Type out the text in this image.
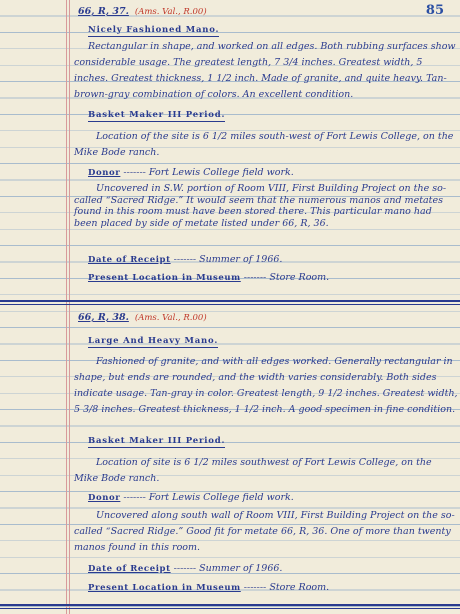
85
66, R, 37. (Ams. Val., R.00)
Nicely Fashioned Mano.
Rectangular in shape, and worked on all edges. Both rubbing surfaces show considerable usage. The greatest length, 7 3/4 inches. Greatest width, 5 inches. Greatest thickness, 1 1/2 inch. Made of granite, and quite heavy. Tan-brown-gray combination of colors. An excellent condition.
Basket Maker III Period.
Location of the site is 6 1/2 miles south-west of Fort Lewis College, on the Mike Bode ranch.
Donor ------- Fort Lewis College field work.
Uncovered in S.W. portion of Room VIII, First Building Project on the so-called “Sacred Ridge.” It would seem that the numerous manos and metates found in this room must have been stored there. This particular mano had been placed by side of metate listed under 66, R, 36.
Date of Receipt ------- Summer of 1966.
Present Location in Museum ------- Store Room.
66, R, 38. (Ams. Val., R.00)
Large And Heavy Mano.
Fashioned of granite, and with all edges worked. Generally rectangular in shape, but ends are rounded, and the width varies considerably. Both sides indicate usage. Tan-gray in color. Greatest length, 9 1/2 inches. Greatest width, 5 3/8 inches. Greatest thickness, 1 1/2 inch. A good specimen in fine condition.
Basket Maker III Period.
Location of site is 6 1/2 miles southwest of Fort Lewis College, on the Mike Bode ranch.
Donor ------- Fort Lewis College field work.
Uncovered along south wall of Room VIII, First Building Project on the so-called “Sacred Ridge.” Good fit for metate 66, R, 36. One of more than twenty manos found in this room.
Date of Receipt ------- Summer of 1966.
Present Location in Museum ------- Store Room.
